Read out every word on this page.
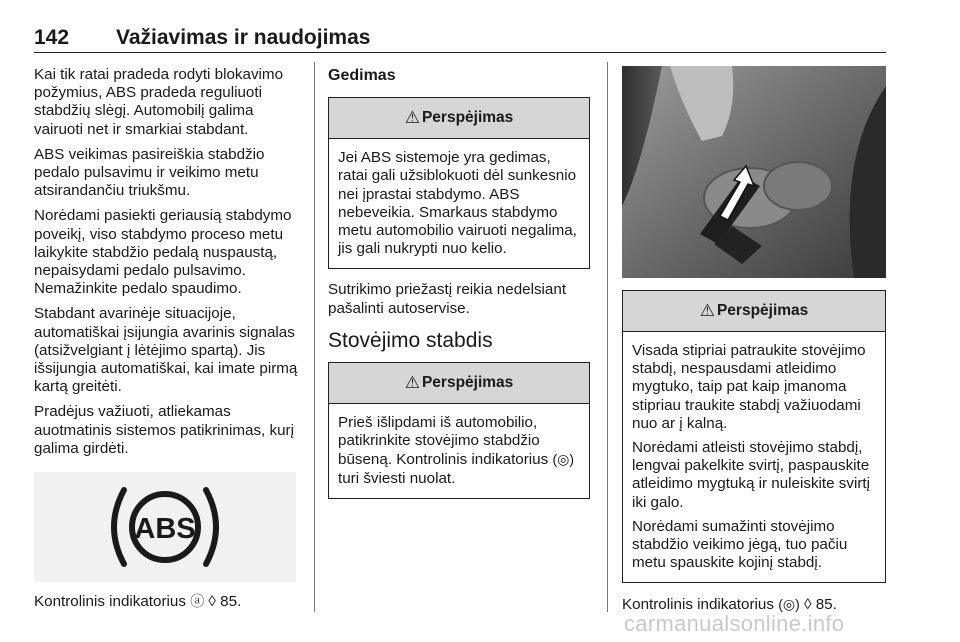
142 Važiavimas ir naudojimas

Kai tik ratai pradeda rodyti blokavimo požymius, ABS pradeda reguliuoti stabdžių slėgį. Automobilį galima vairuoti net ir smarkiai stabdant.

ABS veikimas pasireiškia stabdžio pedalo pulsavimu ir veikimo metu atsirandančiu triukšmu.

Norėdami pasiekti geriausią stabdymo poveikį, viso stabdymo proceso metu laikykite stabdžio pedalą nuspaustą, nepaisydami pedalo pulsavimo. Nemažinkite pedalo spaudimo.

Stabdant avarinėje situacijoje, automatiškai įsijungia avarinis signalas (atsižvelgiant į lėtėjimo spartą). Jis išsijungia automatiškai, kai imate pirmą kartą greitėti.

Pradėjus važiuoti, atliekamas auotmatinis sistemos patikrinimas, kurį galima girdėti.

ABS

Kontrolinis indikatorius ⓐ ◊ 85.

Gedimas
⚠ Perspėjimas

Jei ABS sistemoje yra gedimas, ratai gali užsiblokuoti dėl sunkesnio nei įprastai stabdymo. ABS nebeveikia. Smarkaus stabdymo metu automobilio vairuoti negalima, jis gali nukrypti nuo kelio.

Sutrikimo priežastį reikia nedelsiant pašalinti autoservise.

Stovėjimo stabdis
⚠ Perspėjimas

Prieš išlipdami iš automobilio, patikrinkite stovėjimo stabdžio būseną. Kontrolinis indikatorius (◎) turi šviesti nuolat.

⚠ Perspėjimas

Visada stipriai patraukite stovėjimo stabdį, nespausdami atleidimo mygtuko, taip pat kaip įmanoma stipriau traukite stabdį važiuodami nuo ar į kalną.

Norėdami atleisti stovėjimo stabdį, lengvai pakelkite svirtį, paspauskite atleidimo mygtuką ir nuleiskite svirtį iki galo.

Norėdami sumažinti stovėjimo stabdžio veikimo jėgą, tuo pačiu metu spauskite kojinį stabdį.

Kontrolinis indikatorius (◎) ◊ 85.

carmanualsonline.info
